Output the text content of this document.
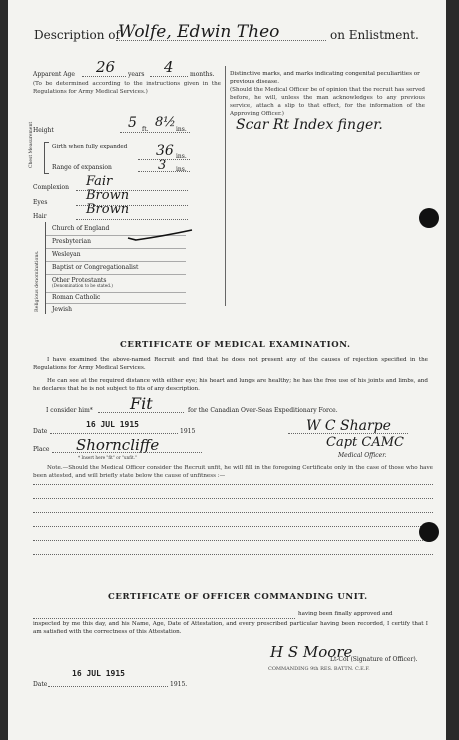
Description of
Wolfe, Edwin Theo	on Enlistment.
Apparent Age 26 years 4	months.
(To be determined according to the instructions given in the Regulations for Army Medical Services.)
Distinctive marks, and marks indicating congenital peculiarities or previous disease.
(Should the Medical Officer be of opinion that the recruit has served before, he will, unless the man acknowledges to any previous service, attach a slip to that effect, for the information of the Approving Officer.)
Scar Rt Index finger.
Height	5 ft. 8½ ins.
Chest Measurement	Girth when fully expanded	36 ins.
Range of expansion	3 ins.
Complexion Fair
Eyes	Brown
Hair	Brown
Religious denominations.
Church of England
Presbyterian
Wesleyan
Baptist or Congregationalist
Other Protestants
(Denomination to be stated.)
Roman Catholic
Jewish
CERTIFICATE OF MEDICAL EXAMINATION.
I have examined the above-named Recruit and find that he does not present any of the causes of rejection specified in the Regulations for Army Medical Services.
He can see at the required distance with either eye; his heart and lungs are healthy; he has the free use of his joints and limbs, and he declares that he is not subject to fits of any description.
I consider him* Fit	for the Canadian Over-Seas Expeditionary Force.
Date
16 JUL 1915
1915	W C Sharpe
Place Shorncliffe
* Insert here "fit" or "unfit."
Capt CAMC
Medical Officer.
Note.—Should the Medical Officer consider the Recruit unfit, he will fill in the foregoing Certificate only in the case of those who have been attested, and will briefly state below the cause of unfitness :—
CERTIFICATE OF OFFICER COMMANDING UNIT.
having been finally approved and
inspected by me this day, and his Name, Age, Date of Attestation, and every prescribed particular having been recorded, I certify that I am satisfied with the correctness of this Attestation.
H S Moore
Lt-Col (Signature of Officer).
COMMANDING 9th RES. BATTN. C.E.F.
16 JUL 1915
Date	1915.
